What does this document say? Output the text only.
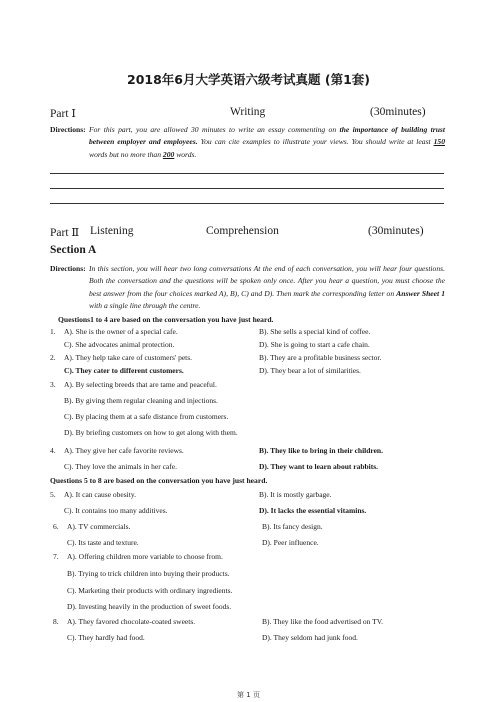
2018年6月大学英语六级考试真题 (第1套)
Part Ⅰ	Writing	(30minutes)
Directions: For this part, you are allowed 30 minutes to write an essay commenting on the importance of building trust between employer and employees. You can cite examples to illustrate your views. You should write at least 150 words but no more than 200 words.
Part Ⅱ Listening	Comprehension	(30minutes)
Section A
Directions: In this section, you will hear two long conversations At the end of each conversation, you will hear four questions. Both the conversation and the questions will be spoken only once. After you hear a question, you must choose the best answer from the four choices marked A), B), C) and D). Then mark the corresponding letter on Answer Sheet 1 with a single line through the centre.
Questions1 to 4 are based on the conversation you have just heard.
1. A). She is the owner of a special cafe.	B). She sells a special kind of coffee.
C). She advocates animal protection.	D). She is going to start a cafe chain.
2. A). They help take care of customers' pets.	B). They are a profitable business sector.
C). They cater to different customers.	D). They bear a lot of similarities.
3. A). By selecting breeds that are tame and peaceful.
B). By giving them regular cleaning and injections.
C). By placing them at a safe distance from customers.
D). By briefing customers on how to get along with them.
4. A). They give her cafe favorite reviews.	B). They like to bring in their children.
C). They love the animals in her cafe.	D). They want to learn about rabbits.
Questions 5 to 8 are based on the conversation you have just heard.
5. A). It can cause obesity.	B). It is mostly garbage.
C). It contains too many additives.	D). It lacks the essential vitamins.
6. A). TV commercials.	B). Its fancy design.
C). Its taste and texture.	D). Peer influence.
7. A). Offering children more variable to choose from.
B). Trying to trick children into buying their products.
C). Marketing their products with ordinary ingredients.
D). Investing heavily in the production of sweet foods.
8. A). They favored chocolate-coated sweets.	B). They like the food advertised on TV.
C). They hardly had food.	D). They seldom had junk food.
第 1 页
